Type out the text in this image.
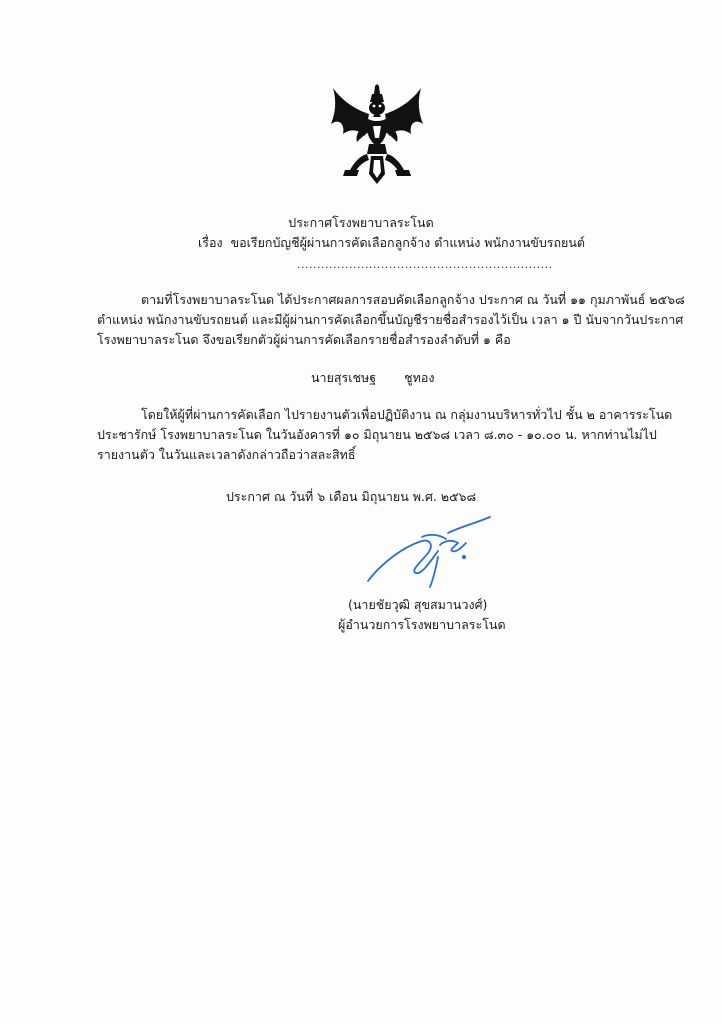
ประกาศโรงพยาบาลระโนด
เรื่อง ขอเรียกบัญชีผู้ผ่านการคัดเลือกลูกจ้าง ตำแหน่ง พนักงานขับรถยนต์
................................................................
ตามที่โรงพยาบาลระโนด ได้ประกาศผลการสอบคัดเลือกลูกจ้าง ประกาศ ณ วันที่ ๑๑ กุมภาพันธ์ ๒๕๖๘
ตำแหน่ง พนักงานขับรถยนต์ และมีผู้ผ่านการคัดเลือกขึ้นบัญชีรายชื่อสำรองไว้เป็น เวลา ๑ ปี นับจากวันประกาศ
โรงพยาบาลระโนด จึงขอเรียกตัวผู้ผ่านการคัดเลือกรายชื่อสำรองลำดับที่ ๑ คือ
นายสุรเชษฐ ชูทอง
โดยให้ผู้ที่ผ่านการคัดเลือก ไปรายงานตัวเพื่อปฏิบัติงาน ณ กลุ่มงานบริหารทั่วไป ชั้น ๒ อาคารระโนด
ประชารักษ์ โรงพยาบาลระโนด ในวันอังคารที่ ๑๐ มิถุนายน ๒๕๖๘ เวลา ๘.๓๐ - ๑๐.๐๐ น. หากท่านไม่ไป
รายงานตัว ในวันและเวลาดังกล่าวถือว่าสละสิทธิ์
ประกาศ ณ วันที่ ๖ เดือน มิถุนายน พ.ศ. ๒๕๖๘
(นายชัยวุฒิ สุขสมานวงศ์)
ผู้อำนวยการโรงพยาบาลระโนด
